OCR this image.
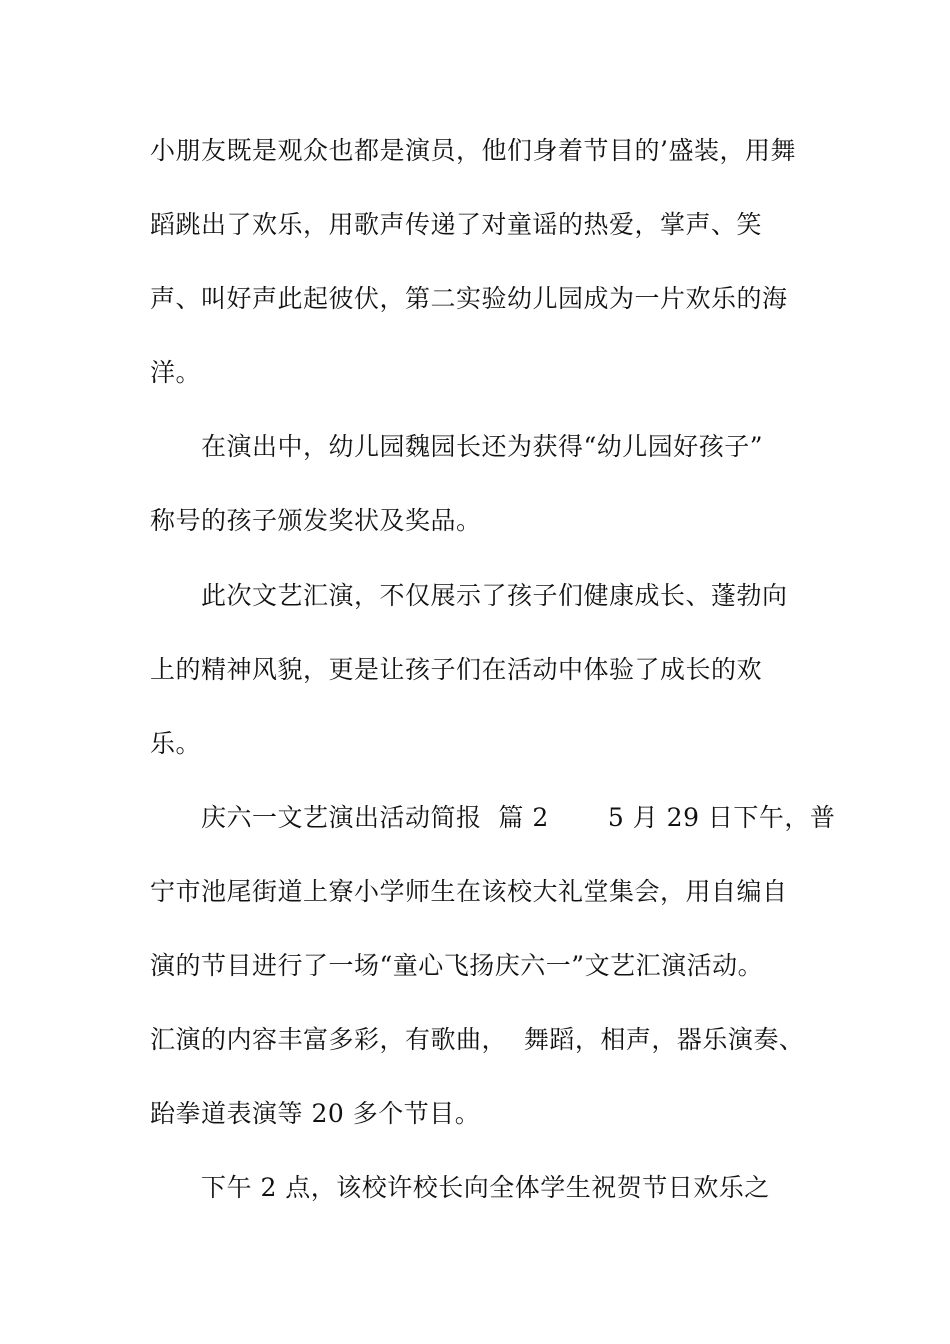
小朋友既是观众也都是演员，他们身着节目的’盛装，用舞
蹈跳出了欢乐，用歌声传递了对童谣的热爱，掌声、笑
声、叫好声此起彼伏，第二实验幼儿园成为一片欢乐的海
洋。
在演出中，幼儿园魏园长还为获得“幼儿园好孩子”
称号的孩子颁发奖状及奖品。
此次文艺汇演，不仅展示了孩子们健康成长、蓬勃向
上的精神风貌，更是让孩子们在活动中体验了成长的欢
乐。
庆六一文艺演出活动简报  篇 2       5 月 29 日下午，普
宁市池尾街道上寮小学师生在该校大礼堂集会，用自编自
演的节目进行了一场“童心飞扬庆六一”文艺汇演活动。
汇演的内容丰富多彩，有歌曲，  舞蹈，相声，器乐演奏、
跆拳道表演等 20 多个节目。
下午 2 点，该校许校长向全体学生祝贺节日欢乐之
